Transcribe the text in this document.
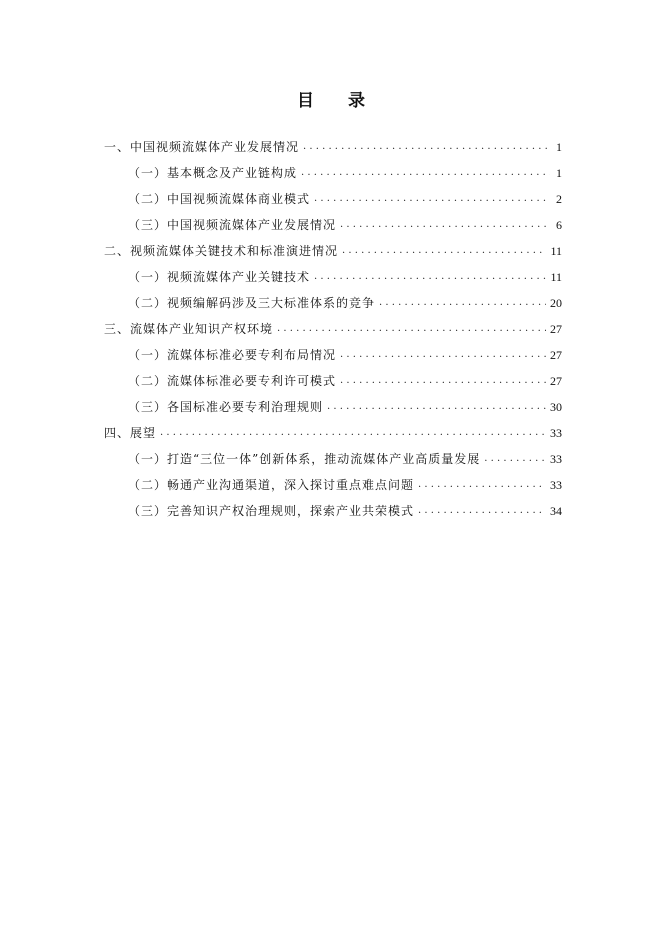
目 录
一、中国视频流媒体产业发展情况 . . .	1
（一）基本概念及产业链构成 . . .	1
（二）中国视频流媒体商业模式 . . .	2
（三）中国视频流媒体产业发展情况 . . .	6
二、视频流媒体关键技术和标准演进情况 . . .	11
（一）视频流媒体产业关键技术 . . .	11
（二）视频编解码涉及三大标准体系的竞争 . . .	20
三、流媒体产业知识产权环境 . . .	27
（一）流媒体标准必要专利布局情况 . . .	27
（二）流媒体标准必要专利许可模式 . . .	27
（三）各国标准必要专利治理规则 . . .	30
四、展望 . . .	33
（一）打造“三位一体”创新体系，推动流媒体产业高质量发展 . . .	33
（二）畅通产业沟通渠道，深入探讨重点难点问题 . . .	33
（三）完善知识产权治理规则，探索产业共荣模式 . . .	34
